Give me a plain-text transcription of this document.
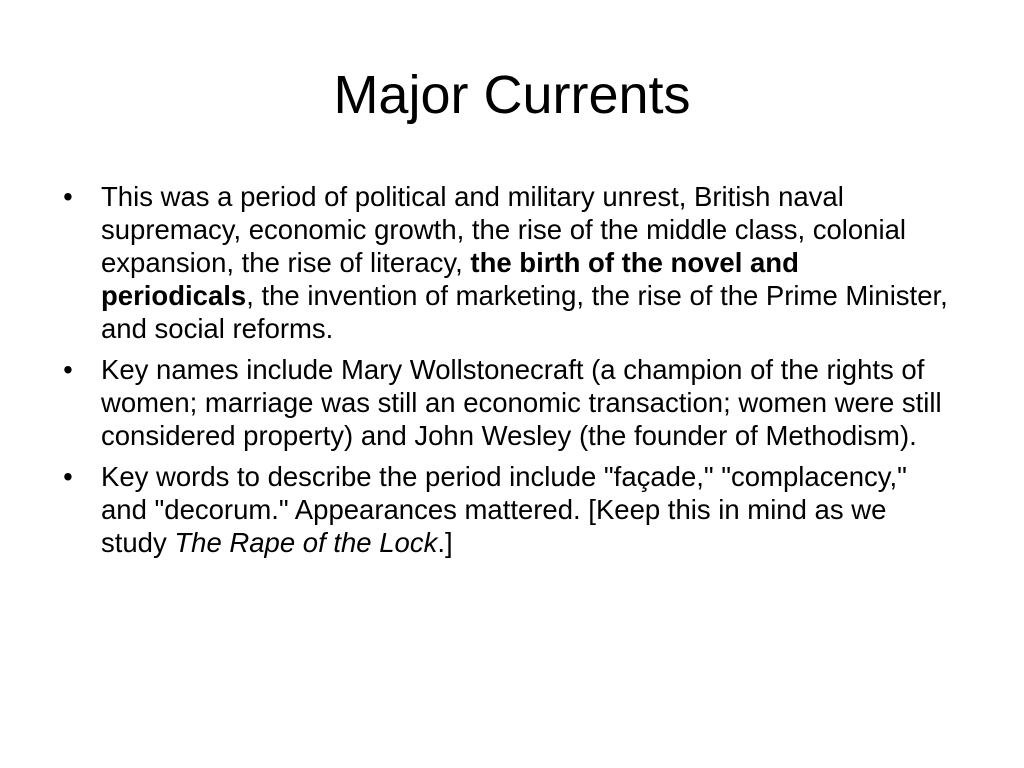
Major Currents
• This was a period of political and military unrest, British naval supremacy, economic growth, the rise of the middle class, colonial expansion, the rise of literacy, the birth of the novel and periodicals, the invention of marketing, the rise of the Prime Minister, and social reforms.
• Key names include Mary Wollstonecraft (a champion of the rights of women; marriage was still an economic transaction; women were still considered property) and John Wesley (the founder of Methodism).
• Key words to describe the period include "façade," "complacency," and "decorum." Appearances mattered. [Keep this in mind as we study The Rape of the Lock.]
